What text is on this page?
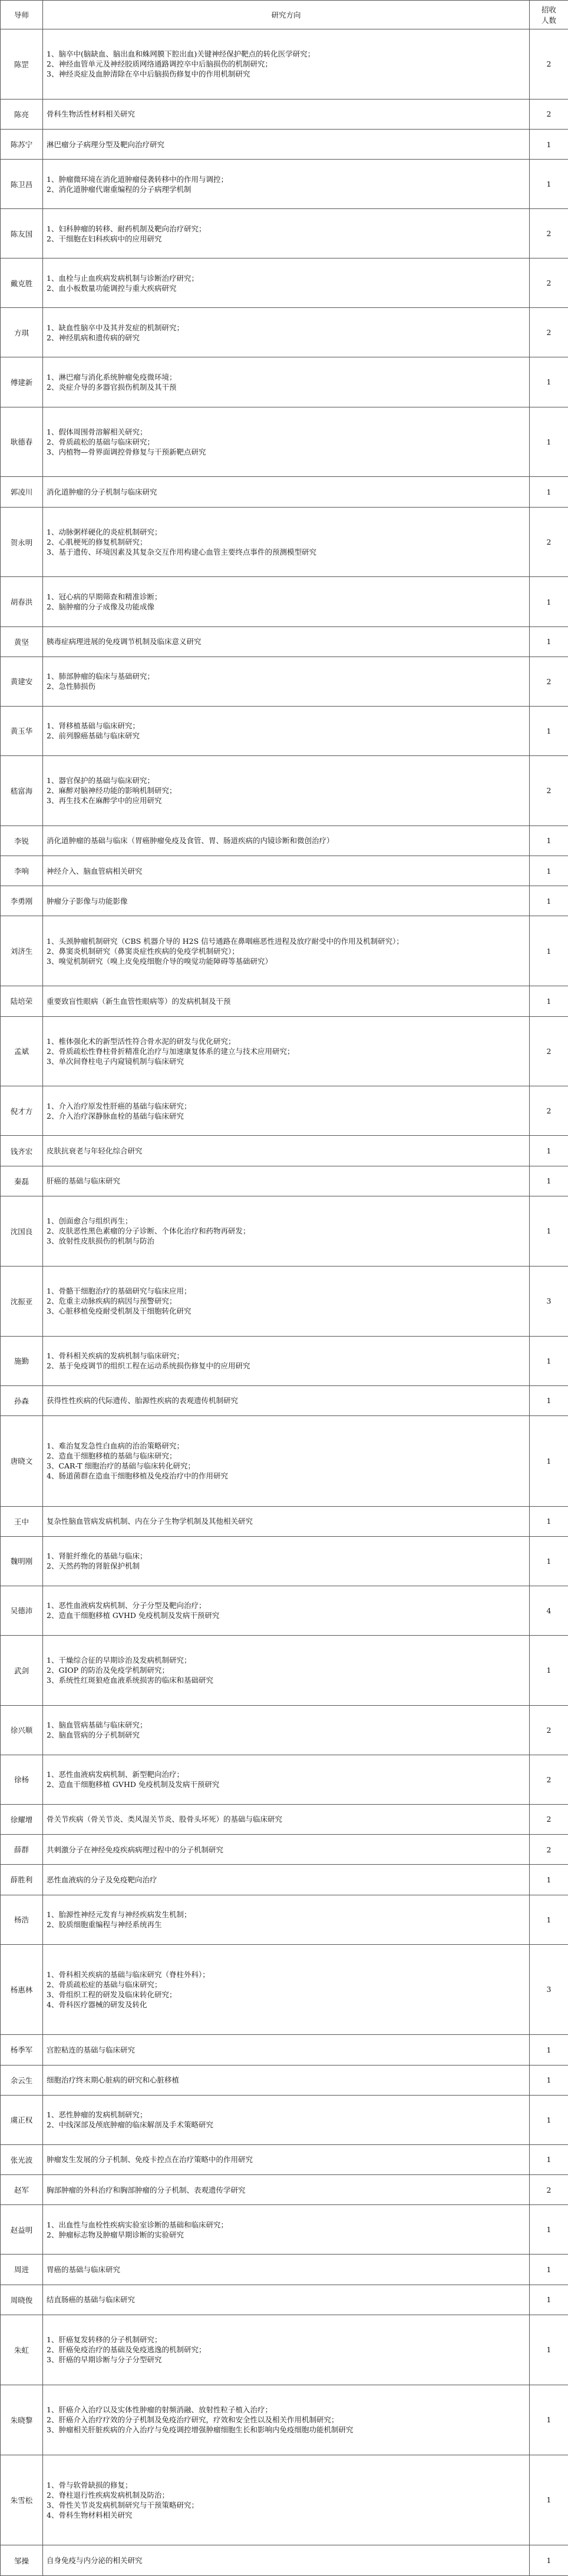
导师	研究方向	招收
人数
陈罡	1、脑卒中(脑缺血、脑出血和蛛网膜下腔出血)关键神经保护靶点的转化医学研究；
2、神经血管单元及神经胶质网络通路调控卒中后脑损伤的机制研究；
3、神经炎症及血肿清除在卒中后脑损伤修复中的作用机制研究	2
陈亮	骨科生物活性材料相关研究	2
陈苏宁	淋巴瘤分子病理分型及靶向治疗研究	1
陈卫昌	1、肿瘤微环境在消化道肿瘤侵袭转移中的作用与调控；
2、消化道肿瘤代谢重编程的分子病理学机制	1
陈友国	1、妇科肿瘤的转移、耐药机制及靶向治疗研究；
2、干细胞在妇科疾病中的应用研究	2
戴克胜	1、血栓与止血疾病发病机制与诊断治疗研究；
2、血小板数量功能调控与重大疾病研究	2
方琪	1、缺血性脑卒中及其并发症的机制研究；
2、神经肌病和遗传病的研究	2
傅建新	1、淋巴瘤与消化系统肿瘤免疫微环境；
2、炎症介导的多器官损伤机制及其干预	1
耿德春	1、假体周围骨溶解相关研究；
2、骨质疏松的基础与临床研究；
3、内植物—骨界面调控骨修复与干预新靶点研究	1
郭凌川	消化道肿瘤的分子机制与临床研究	1
贺永明	1、动脉粥样硬化的炎症机制研究；
2、心肌梗死的修复机制研究；
3、基于遗传、环境因素及其复杂交互作用构建心血管主要终点事件的预测模型研究	2
胡春洪	1、冠心病的早期筛查和精准诊断；
2、脑肿瘤的分子成像及功能成像	1
黄坚	胰毒症病理进展的免疫调节机制及临床意义研究	1
黄建安	1、肺部肿瘤的临床与基础研究；
2、急性肺损伤	2
黄玉华	1、肾移植基础与临床研究；
2、前列腺癌基础与临床研究	1
嵇富海	1、器官保护的基础与临床研究；
2、麻醉对脑神经功能的影响机制研究；
3、再生技术在麻醉学中的应用研究	2
李锐	消化道肿瘤的基础与临床（胃癌肿瘤免疫及食管、胃、肠道疾病的内镜诊断和微创治疗）	1
李响	神经介入、脑血管病相关研究	1
李勇刚	肿瘤分子影像与功能影像	1
刘济生	1、头颈肿瘤机制研究（CBS 机器介导的 H2S 信号通路在鼻咽癌恶性进程及放疗耐受中的作用及机制研究）；
2、鼻窦炎机制研究（鼻窦炎症性疾病的免疫学机制研究）；
3、嗅觉机制研究（嗅上皮免疫细胞介导的嗅觉功能障碍等基础研究）	1
陆培荣	重要致盲性眼病（新生血管性眼病等）的发病机制及干预	1
孟斌	1、椎体强化术的新型活性符合骨水泥的研发与优化研究；
2、骨质疏松性脊柱骨折精准化治疗与加速康复体系的建立与技术应用研究；
3、单次间脊柱电子内窥镜机制与临床研究	2
倪才方	1、介入治疗原发性肝癌的基础与临床研究；
2、介入治疗深静脉血栓的基础与临床研究	2
钱齐宏	皮肤抗衰老与年轻化综合研究	1
秦磊	肝癌的基础与临床研究	1
沈国良	1、创面愈合与组织再生；
2、皮肤恶性黑色素瘤的分子诊断、个体化治疗和药物再研发；
3、放射性皮肤损伤的机制与防治	1
沈振亚	1、骨骼干细胞治疗的基础研究与临床应用；
2、危重主动脉疾病的病因与预警研究；
3、心脏移植免疫耐受机制及干细胞转化研究	3
施勤	1、骨科相关疾病的发病机制与临床研究；
2、基于免疫调节的组织工程在运动系统损伤修复中的应用研究	1
孙森	获得性性疾病的代际遗传、胎源性疾病的表观遗传机制研究	1
唐晓文	1、难治复发急性白血病的治治策略研究；
2、造血干细胞移植的基础与临床研究；
3、CAR-T 细胞治疗的基础与临床转化研究；
4、肠道菌群在造血干细胞移植及免疫治疗中的作用研究	1
王中	复杂性脑血管病发病机制、内在分子生物学机制及其他相关研究	1
魏明刚	1、肾脏纤维化的基础与临床；
2、天然药物的肾脏保护机制	1
吴德沛	1、恶性血液病发病机制、分子分型及靶向治疗；
2、造血干细胞移植 GVHD 免疫机制及发病干预研究	4
武剑	1、干燥综合征的早期诊治及发病机制研究；
2、GIOP 的防治及免疫学机制研究；
3、系统性红斑狼疮血液系统损害的临床和基础研究	1
徐兴顺	1、脑血管病基础与临床研究；
2、脑血管病的分子机制研究	2
徐杨	1、恶性血液病发病机制、新型靶向治疗；
2、造血干细胞移植 GVHD 免疫机制及发病干预研究	2
徐耀增	骨关节疾病（骨关节炎、类风湿关节炎、股骨头坏死）的基础与临床研究	2
薛群	共刺激分子在神经免疫疾病病理过程中的分子机制研究	2
薛胜利	恶性血液病的分子及免疫靶向治疗	1
杨浩	1、胎源性神经元发育与神经疾病发生机制；
2、胶质细胞重编程与神经系统再生	1
杨惠林	1、骨科相关疾病的基础与临床研究（脊柱外科）；
2、骨质疏松症的基础与临床研究；
3、骨组织工程的研发及临床转化研究；
4、骨科医疗器械的研发及转化	3
杨季军	宫腔粘连的基础与临床研究	1
余云生	细胞治疗终末期心脏病的研究和心脏移植	1
虞正权	1、恶性肿瘤的发病机制研究；
2、中线深部及颅底肿瘤的临床解剖及手术策略研究	1
张光波	肿瘤发生发展的分子机制、免疫卡控点在治疗策略中的作用研究	1
赵军	胸部肿瘤的外科治疗和胸部肿瘤的分子机制、表观遗传学研究	2
赵益明	1、出血性与血栓性疾病实验室诊断的基础和临床研究；
2、肿瘤标志物及肿瘤早期诊断的实验研究	1
周进	胃癌的基础与临床研究	1
周晓俊	结直肠癌的基础与临床研究	1
朱虹	1、肝癌复发转移的分子机制研究；
2、肝癌免疫治疗的基础及免疫逃逸的机制研究；
3、肝癌的早期诊断与分子分型研究	1
朱晓黎	1、肝癌介入治疗以及实体性肿瘤的射频消融、放射性粒子植入治疗；
2、肝癌介入治疗疗效的分子机制及免疫治疗研究，疗效和安全性以及相关作用机制研究；
3、肿瘤相关肝脏疾病的介入治疗与免疫调控增强肿瘤细胞生长和影响内免疫细胞功能机制研究	1
朱雪松	1、骨与软骨缺损的修复；
2、脊柱退行性疾病发病机制及防治；
3、骨性关节炎发病机制研究与干预策略研究；
4、骨科生物材料相关研究	1
邹操	自身免疫与内分泌的相关研究	1
